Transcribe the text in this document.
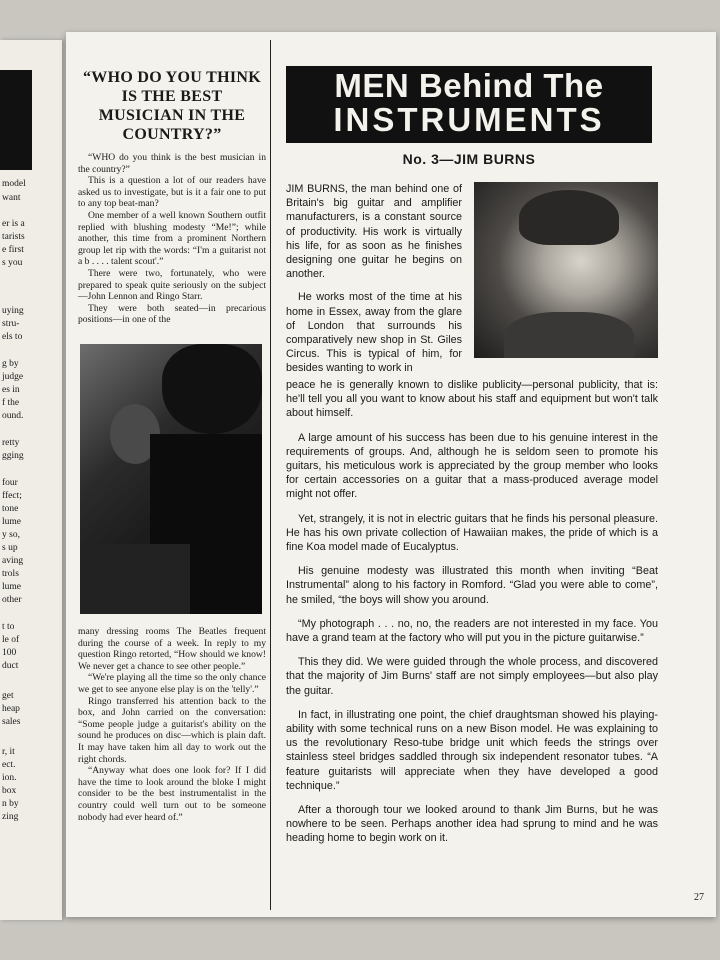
model
want
er is a
tarists
e first
s you
uying
stru-
els to
g by
judge
es in
f the
ound.
retty
gging
four
ffect;
tone
lume
y so,
s up
aving
trols
lume
other
t to
le of
100
duct
get
heap
sales
r, it
ect.
ion.
box
n by
zing
“WHO DO YOU THINK IS THE BEST MUSICIAN IN THE COUNTRY?”

“WHO do you think is the best musician in the country?”

This is a question a lot of our readers have asked us to investigate, but is it a fair one to put to any top beat-man?

One member of a well known Southern outfit replied with blushing modesty “Me!”; while another, this time from a prominent Northern group let rip with the words: “I'm a guitarist not a b . . . . talent scout'.”

There were two, fortunately, who were prepared to speak quite seriously on the subject—John Lennon and Ringo Starr.

They were both seated—in precarious positions—in one of the

many dressing rooms The Beatles frequent during the course of a week. In reply to my question Ringo retorted, “How should we know! We never get a chance to see other people.”

“We're playing all the time so the only chance we get to see anyone else play is on the 'telly'.”

Ringo transferred his attention back to the box, and John carried on the conversation: “Some people judge a guitarist's ability on the sound he produces on disc—which is plain daft. It may have taken him all day to work out the right chords.

“Anyway what does one look for? If I did have the time to look around the bloke I might consider to be the best instrumentalist in the country could well turn out to be someone nobody had ever heard of.”

MEN Behind The
INSTRUMENTS
No. 3—JIM BURNS

JIM BURNS, the man behind one of Britain's big guitar and amplifier manufacturers, is a constant source of productivity. His work is virtually his life, for as soon as he finishes designing one guitar he begins on another.

He works most of the time at his home in Essex, away from the glare of London that surrounds his comparatively new shop in St. Giles Circus. This is typical of him, for besides wanting to work in

peace he is generally known to dislike publicity—personal publicity, that is: he'll tell you all you want to know about his staff and equipment but won't talk about himself.

A large amount of his success has been due to his genuine interest in the requirements of groups. And, although he is seldom seen to promote his guitars, his meticulous work is appreciated by the group member who looks for certain accessories on a guitar that a mass-produced average model might not offer.

Yet, strangely, it is not in electric guitars that he finds his personal pleasure. He has his own private collection of Hawaiian makes, the pride of which is a fine Koa model made of Eucalyptus.

His genuine modesty was illustrated this month when inviting “Beat Instrumental” along to his factory in Romford. “Glad you were able to come”, he smiled, “the boys will show you around.

“My photograph . . . no, no, the readers are not interested in my face. You have a grand team at the factory who will put you in the picture guitarwise.”

This they did. We were guided through the whole process, and discovered that the majority of Jim Burns' staff are not simply employees—but also play the guitar.

In fact, in illustrating one point, the chief draughtsman showed his playing-ability with some technical runs on a new Bison model. He was explaining to us the revolutionary Reso-tube bridge unit which feeds the strings over stainless steel bridges saddled through six independent resonator tubes. “A feature guitarists will appreciate when they have developed a good technique.”

After a thorough tour we looked around to thank Jim Burns, but he was nowhere to be seen. Perhaps another idea had sprung to mind and he was heading home to begin work on it.

27
